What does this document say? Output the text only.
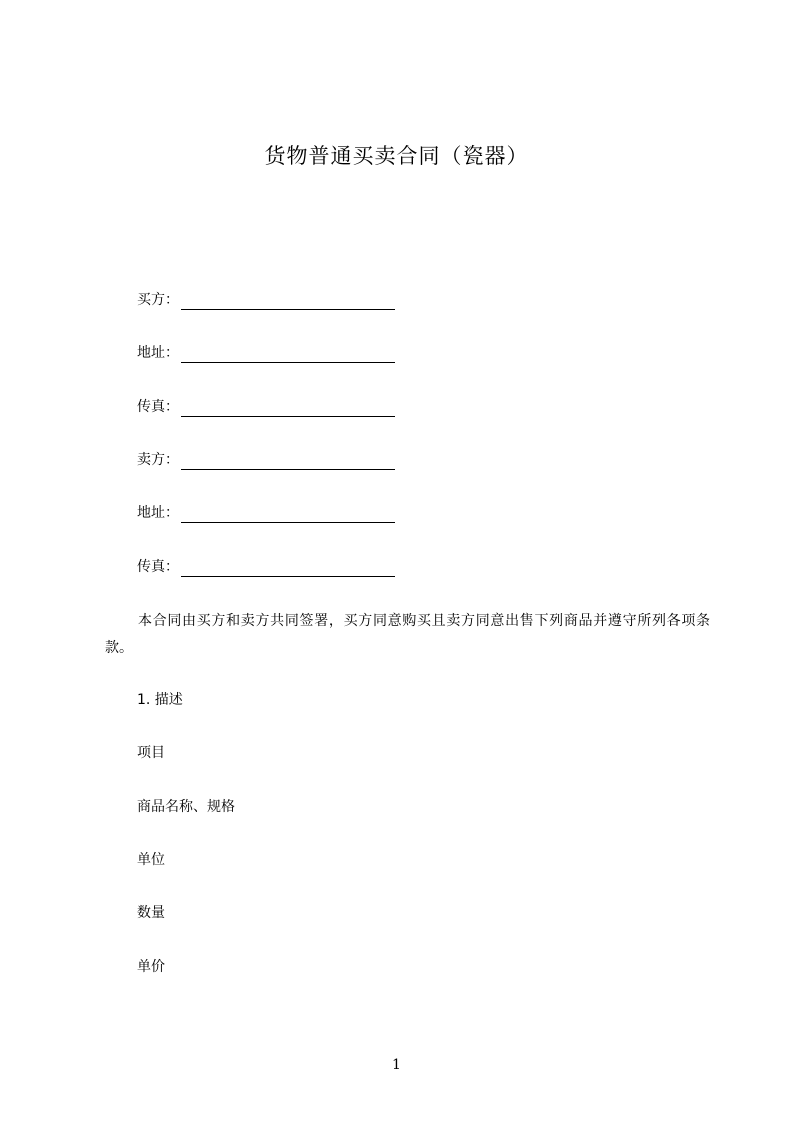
货物普通买卖合同（瓷器）
买方：
地址：
传真：
卖方：
地址：
传真：
本合同由买方和卖方共同签署，买方同意购买且卖方同意出售下列商品并遵守所列各项条款。
1. 描述
项目
商品名称、规格
单位
数量
单价
1
